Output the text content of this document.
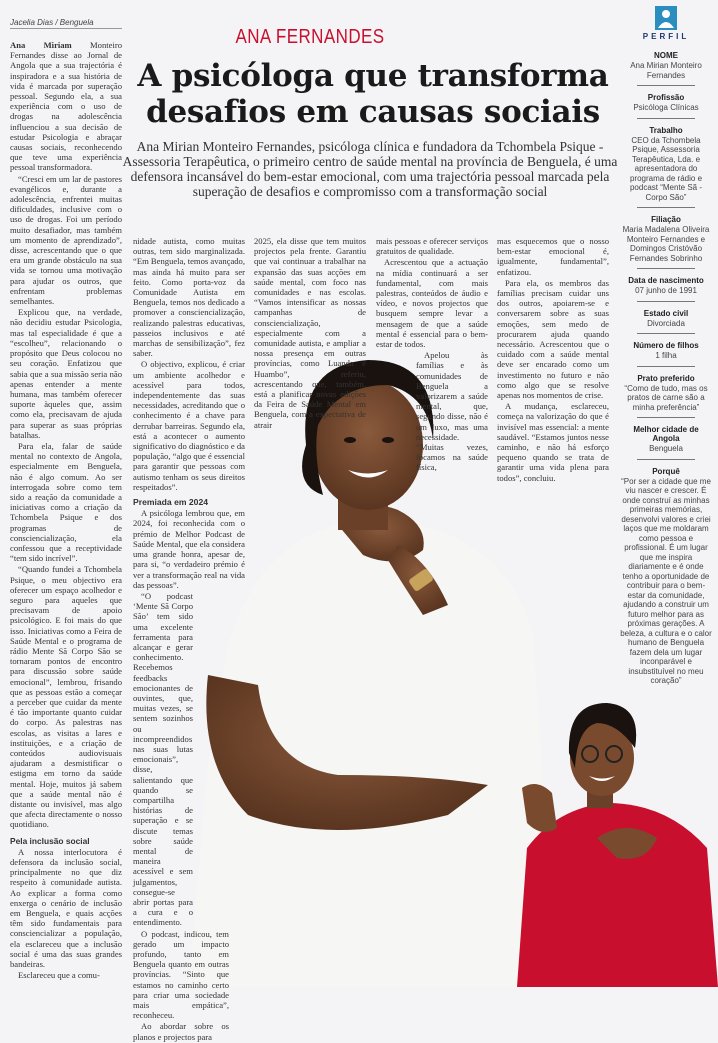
Jacelia Dias / Benguela
ANA FERNANDES
A psicóloga que transforma desafios em causas sociais
Ana Mirian Monteiro Fernandes, psicóloga clínica e fundadora da Tchombela Psique - Assessoria Terapêutica, o primeiro centro de saúde mental na província de Benguela, é uma defensora incansável do bem-estar emocional, com uma trajectória pessoal marcada pela superação de desafios e compromisso com a transformação social

Ana Miriam Monteiro Fernandes disse ao Jornal de Angola que a sua trajectória é inspiradora e a sua história de vida é marcada por superação pessoal. Segundo ela, a sua experiência com o uso de drogas na adolescência influenciou a sua decisão de estudar Psicologia e abraçar causas sociais, reconhecendo que teve uma experiência pessoal transformadora.

“Cresci em um lar de pastores evangélicos e, durante a adolescência, enfrentei muitas dificuldades, inclusive com o uso de drogas. Foi um período muito desafiador, mas também um momento de aprendizado”, disse, acrescentando que o que era um grande obstáculo na sua vida se tornou uma motivação para ajudar os outros, que enfrentam problemas semelhantes.

Explicou que, na verdade, não decidiu estudar Psicologia, mas tal especialidade é que a “escolheu”, relacionando o propósito que Deus colocou no seu coração. Enfatizou que sabia que a sua missão seria não apenas entender a mente humana, mas também oferecer suporte àqueles que, assim como ela, precisavam de ajuda para superar as suas próprias batalhas.

Para ela, falar de saúde mental no contexto de Angola, especialmente em Benguela, não é algo comum. Ao ser interrogada sobre como tem sido a reação da comunidade a iniciativas como a criação da Tchombela Psique e dos programas de consciencialização, ela confessou que a receptividade “tem sido incrível”.

“Quando fundei a Tchombela Psique, o meu objectivo era oferecer um espaço acolhedor e seguro para aqueles que precisavam de apoio psicológico. E foi mais do que isso. Iniciativas como a Feira de Saúde Mental e o programa de rádio Mente Sã Corpo São se tornaram pontos de encontro para discussão sobre saúde emocional”, lembrou, frisando que as pessoas estão a começar a perceber que cuidar da mente é tão importante quanto cuidar do corpo. As palestras nas escolas, as visitas a lares e instituições, e a criação de conteúdos audiovisuais ajudaram a desmistificar o estigma em torno da saúde mental. Hoje, muitos já sabem que a saúde mental não é distante ou invisível, mas algo que afecta directamente o nosso quotidiano.

Pela inclusão social

A nossa interlocutora é defensora da inclusão social, principalmente no que diz respeito à comunidade autista. Ao explicar a forma como enxerga o cenário de inclusão em Benguela, e quais acções têm sido fundamentais para consciencializar a população, ela esclareceu que a inclusão social é uma das suas grandes bandeiras.

Esclareceu que a comu-

nidade autista, como muitas outras, tem sido marginalizada. “Em Benguela, temos avançado, mas ainda há muito para ser feito. Como porta-voz da Comunidade Autista em Benguela, temos nos dedicado a promover a consciencialização, realizando palestras educativas, passeios inclusivos e até marchas de sensibilização”, fez saber.

O objectivo, explicou, é criar um ambiente acolhedor e acessível para todos, independentemente das suas necessidades, acreditando que o conhecimento é a chave para derrubar barreiras. Segundo ela, está a acontecer o aumento significativo do diagnóstico e da população, “algo que é essencial para garantir que pessoas com autismo tenham os seus direitos respeitados”.

Premiada em 2024

A psicóloga lembrou que, em 2024, foi reconhecida com o prémio de Melhor Podcast de Saúde Mental, que ela considera uma grande honra, apesar de, para si, “o verdadeiro prémio é ver a transformação real na vida das pessoas”.

“O podcast ‘Mente Sã Corpo São’ tem sido uma excelente ferramenta para alcançar e gerar conhecimento. Recebemos feedbacks emocionantes de ouvintes, que, muitas vezes, se sentem sozinhos ou incompreendidos nas suas lutas emocionais”, disse, salientando que quando se compartilha histórias de superação e se discute temas sobre saúde mental de maneira acessível e sem julgamentos, consegue-se abrir portas para a cura e o entendimento.

O podcast, indicou, tem gerado um impacto profundo, tanto em Benguela quanto em outras províncias. “Sinto que estamos no caminho certo para criar uma sociedade mais empática”, reconheceu.

Ao abordar sobre os planos e projectos para

2025, ela disse que tem muitos projectos pela frente. Garantiu que vai continuar a trabalhar na expansão das suas acções em saúde mental, com foco nas comunidades e nas escolas. “Vamos intensificar as nossas campanhas de consciencialização, especialmente com a comunidade autista, e ampliar a nossa presença em outras províncias, como Luanda e Huambo”, referiu, acrescentando que, também, está a planificar novas edições da Feira de Saúde Mental em Benguela, com a expectativa de atrair

mais pessoas e oferecer serviços gratuitos de qualidade.

Acrescentou que a actuação na mídia continuará a ser fundamental, com mais palestras, conteúdos de áudio e vídeo, e novos projectos que busquem sempre levar a mensagem de que a saúde mental é essencial para o bem-estar de todos.

Apelou às famílias e às comunidades de Benguela a valorizarem a saúde mental, que, segundo disse, não é um luxo, mas uma necessidade. “Muitas vezes, focamos na saúde física,

mas esquecemos que o nosso bem-estar emocional é, igualmente, fundamental”, enfatizou.

Para ela, os membros das famílias precisam cuidar uns dos outros, apoiarem-se e conversarem sobre as suas emoções, sem medo de procurarem ajuda quando necessário. Acrescentou que o cuidado com a saúde mental deve ser encarado como um investimento no futuro e não como algo que se resolve apenas nos momentos de crise.

A mudança, esclareceu, começa na valorização do que é invisível mas essencial: a mente saudável. “Estamos juntos nesse caminho, e não há esforço pequeno quando se trata de garantir uma vida plena para todos”, concluiu.

PERFIL
NOME
Ana Mirian Monteiro Fernandes
Profissão
Psicóloga Clínicas
Trabalho
CEO da Tchombela Psique, Assessoria Terapêutica, Lda. e apresentadora do programa de rádio e podcast “Mente Sã - Corpo São”
Filiação
Maria Madalena Oliveira Monteiro Fernandes e Domingos Cristóvão Fernandes Sobrinho
Data de nascimento
07 junho de 1991
Estado civil
Divorciada
Número de filhos
1 filha
Prato preferido
“Como de tudo, mas os pratos de carne são a minha preferência”
Melhor cidade de Angola
Benguela
Porquê
“Por ser a cidade que me viu nascer e crescer. É onde construí as minhas primeiras memórias, desenvolvi valores e criei laços que me moldaram como pessoa e profissional. É um lugar que me inspira diariamente e é onde tenho a oportunidade de contribuir para o bem-estar da comunidade, ajudando a construir um futuro melhor para as próximas gerações. A beleza, a cultura e o calor humano de Benguela fazem dela um lugar inconparável e insubstituível no meu coração”
